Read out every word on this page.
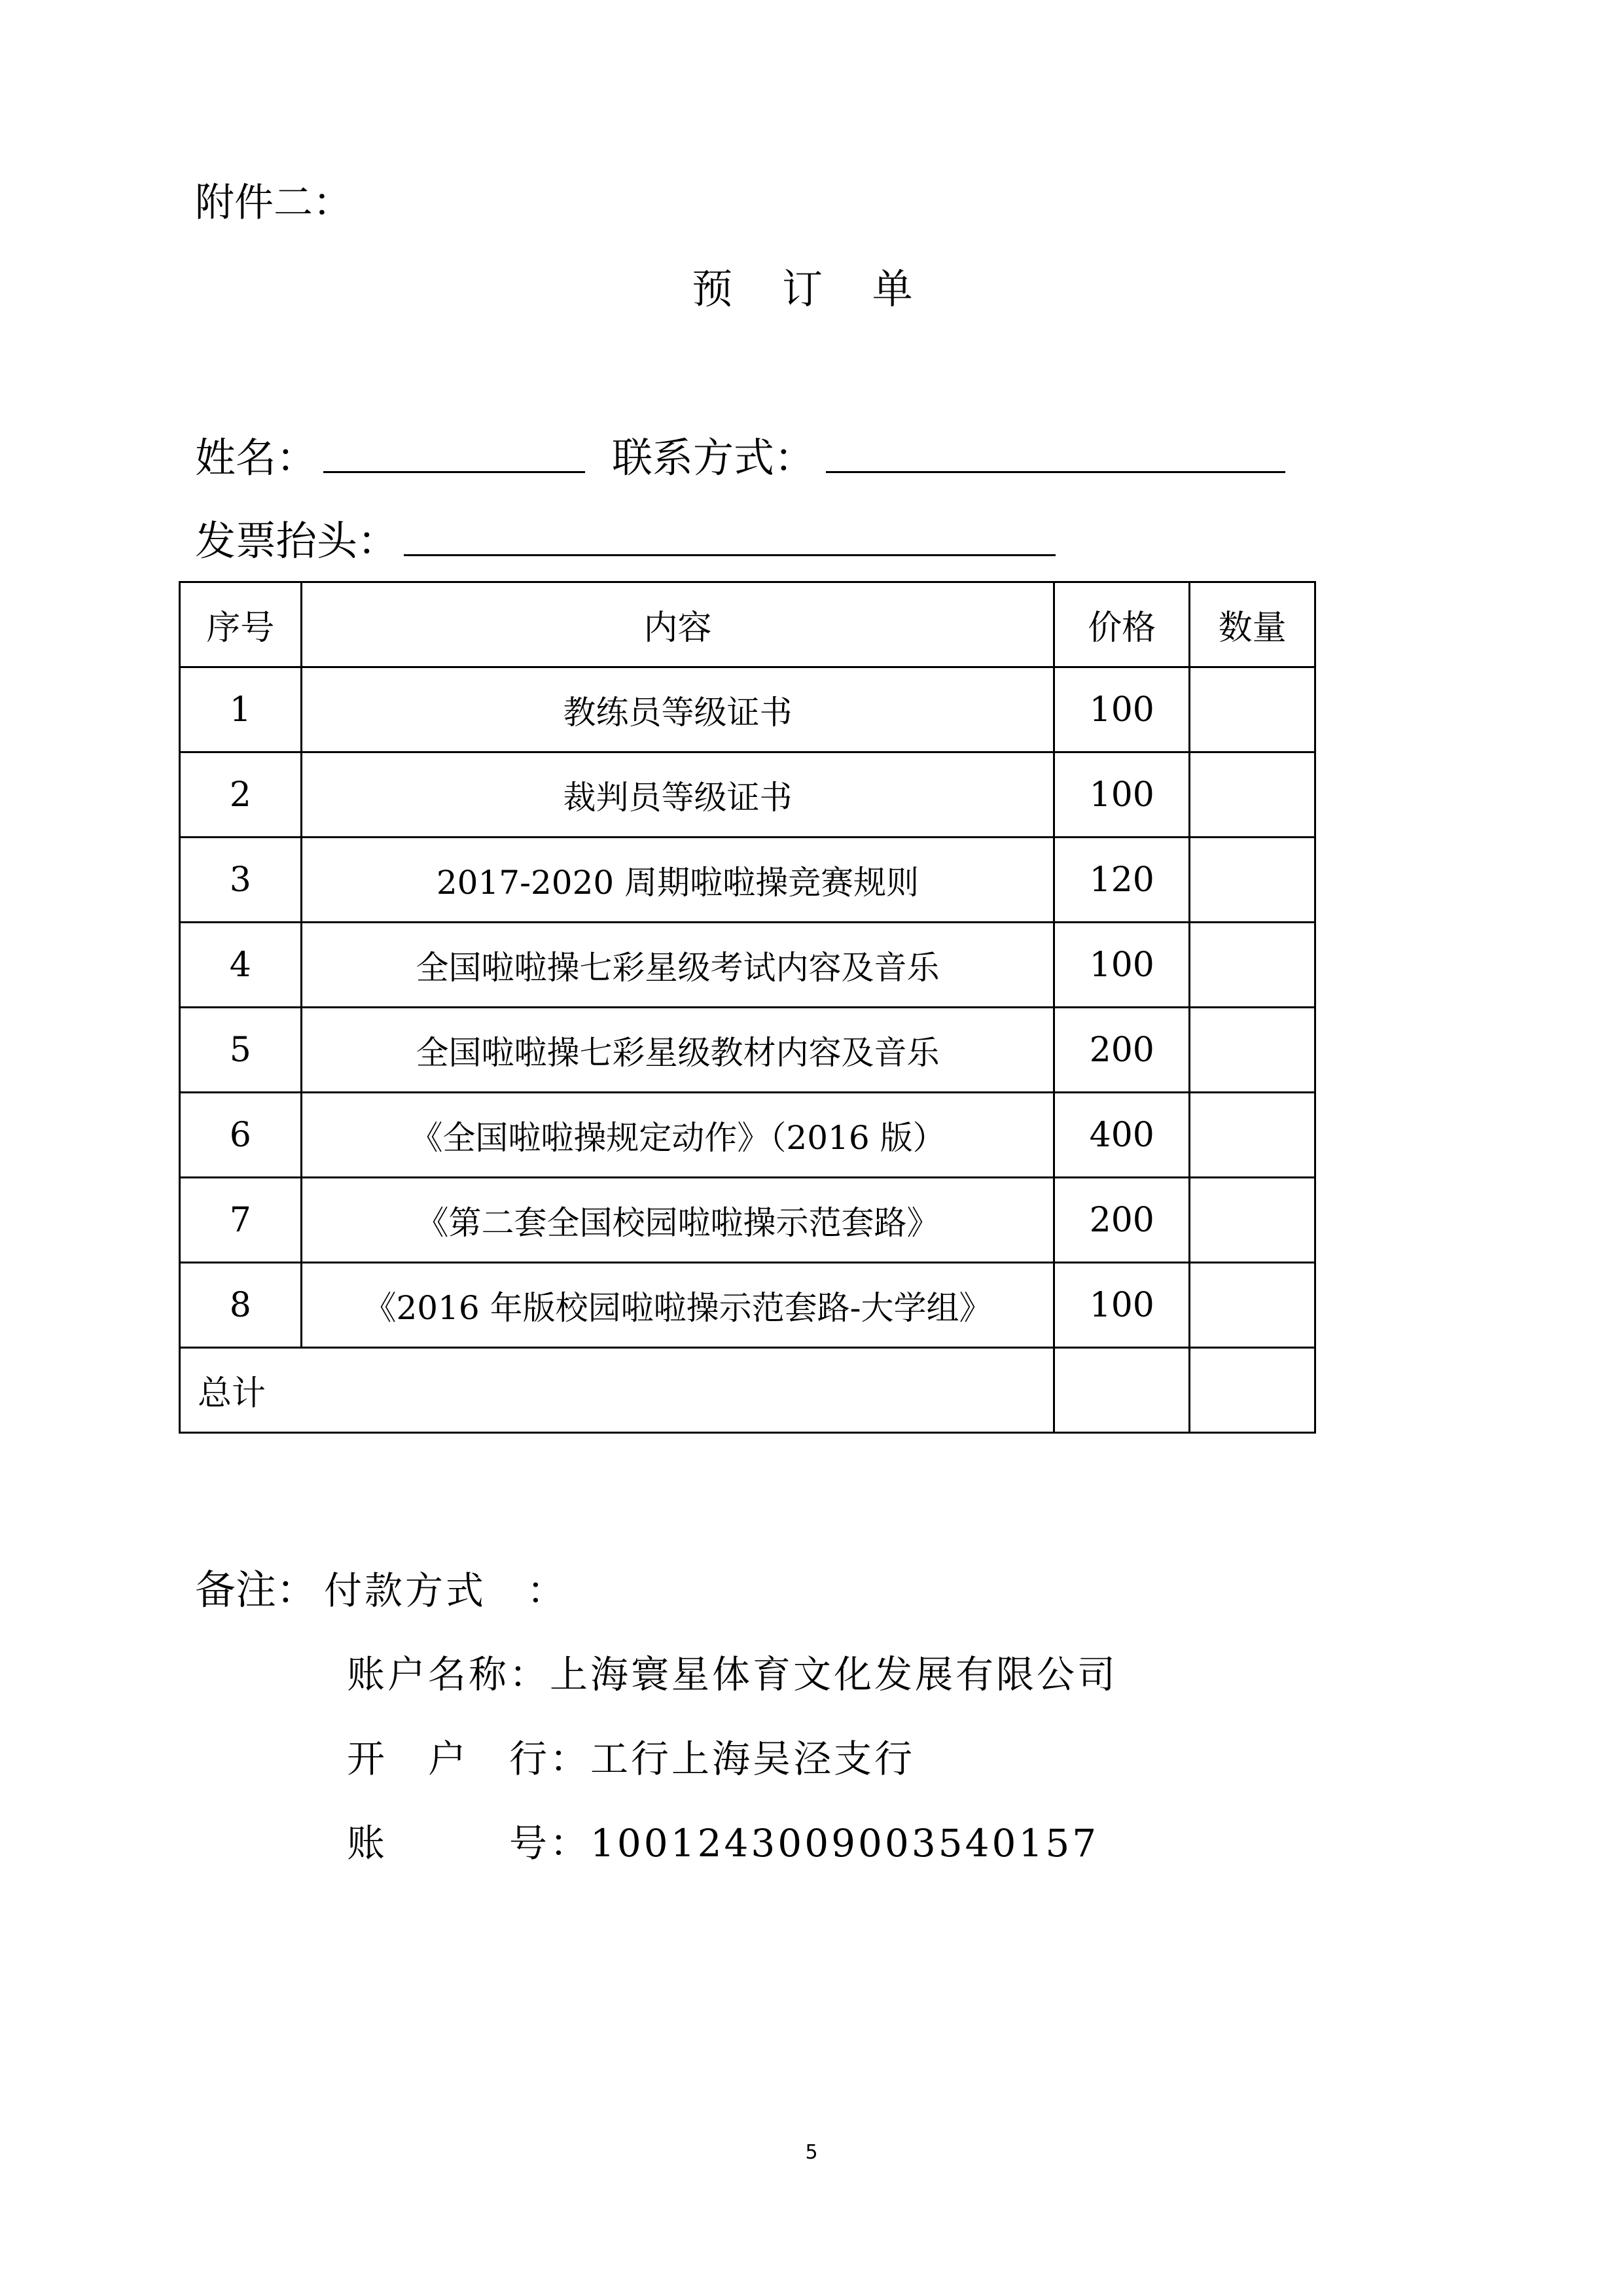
附件二：
预 订 单
姓名：	联系方式：
发票抬头：
序号	内容	价格	数量
1	教练员等级证书	100	
2	裁判员等级证书	100	
3	2017-2020 周期啦啦操竞赛规则	120	
4	全国啦啦操七彩星级考试内容及音乐	100	
5	全国啦啦操七彩星级教材内容及音乐	200	
6	《全国啦啦操规定动作》（2016 版）	400	
7	《第二套全国校园啦啦操示范套路》	200	
8	《2016 年版校园啦啦操示范套路-大学组》	100	
总计			
备注： 付款方式　：
账户名称：上海寰星体育文化发展有限公司
开　户　行：工行上海吴泾支行
账　　　号：1001243009003540157
5
